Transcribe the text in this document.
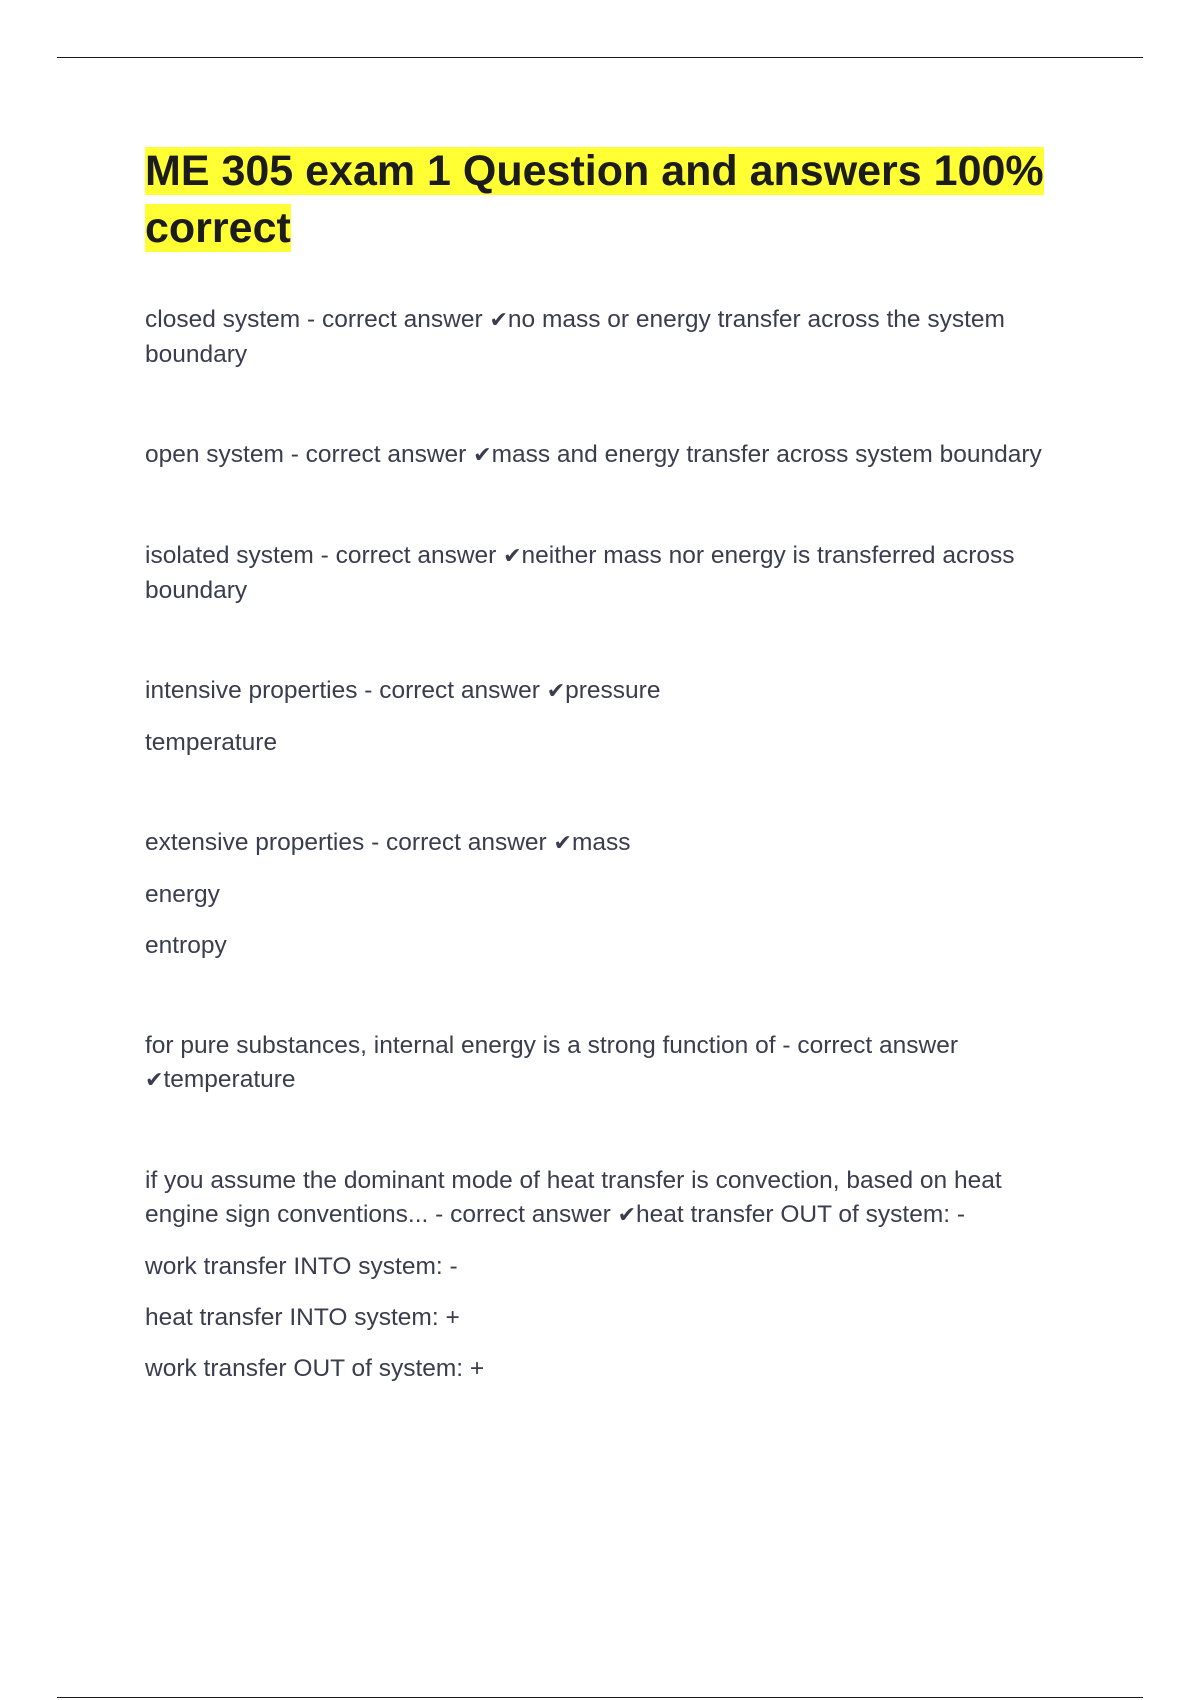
ME 305 exam 1 Question and answers 100% correct
closed system - correct answer ✔no mass or energy transfer across the system boundary
open system - correct answer ✔mass and energy transfer across system boundary
isolated system - correct answer ✔neither mass nor energy is transferred across boundary
intensive properties - correct answer ✔pressure
temperature
extensive properties - correct answer ✔mass
energy
entropy
for pure substances, internal energy is a strong function of - correct answer ✔temperature
if you assume the dominant mode of heat transfer is convection, based on heat engine sign conventions... - correct answer ✔heat transfer OUT of system: -
work transfer INTO system: -
heat transfer INTO system: +
work transfer OUT of system: +
